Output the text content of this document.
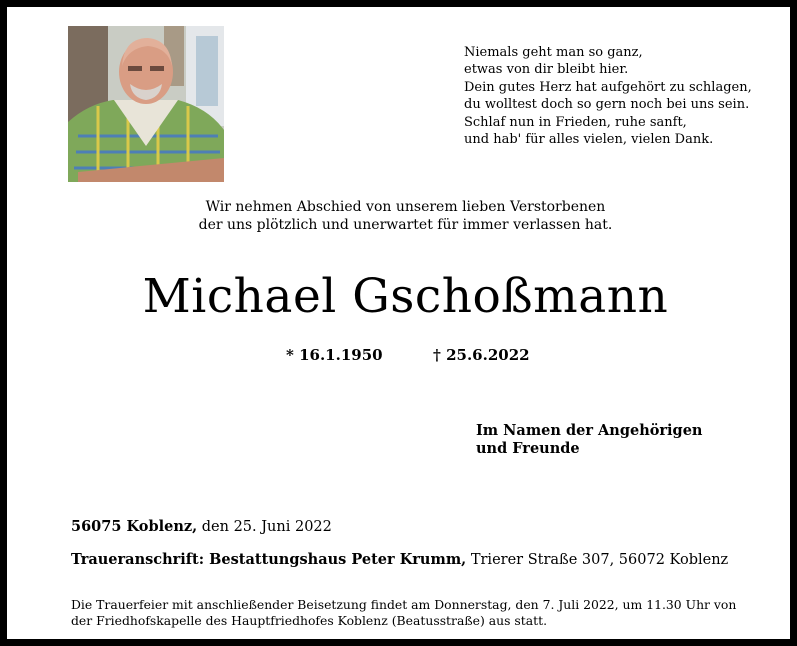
Niemals geht man so ganz,
etwas von dir bleibt hier.
Dein gutes Herz hat aufgehört zu schlagen,
du wolltest doch so gern noch bei uns sein.
Schlaf nun in Frieden, ruhe sanft,
und hab' für alles vielen, vielen Dank.
Wir nehmen Abschied von unserem lieben Verstorbenen
der uns plötzlich und unerwartet für immer verlassen hat.
Michael Gschoßmann
* 16.1.1950	† 25.6.2022
Im Namen der Angehörigen
und Freunde
56075 Koblenz, den 25. Juni 2022
Traueranschrift: Bestattungshaus Peter Krumm, Trierer Straße 307, 56072 Koblenz
Die Trauerfeier mit anschließender Beisetzung findet am Donnerstag, den 7. Juli 2022, um 11.30 Uhr von der Friedhofskapelle des Hauptfriedhofes Koblenz (Beatusstraße) aus statt.
